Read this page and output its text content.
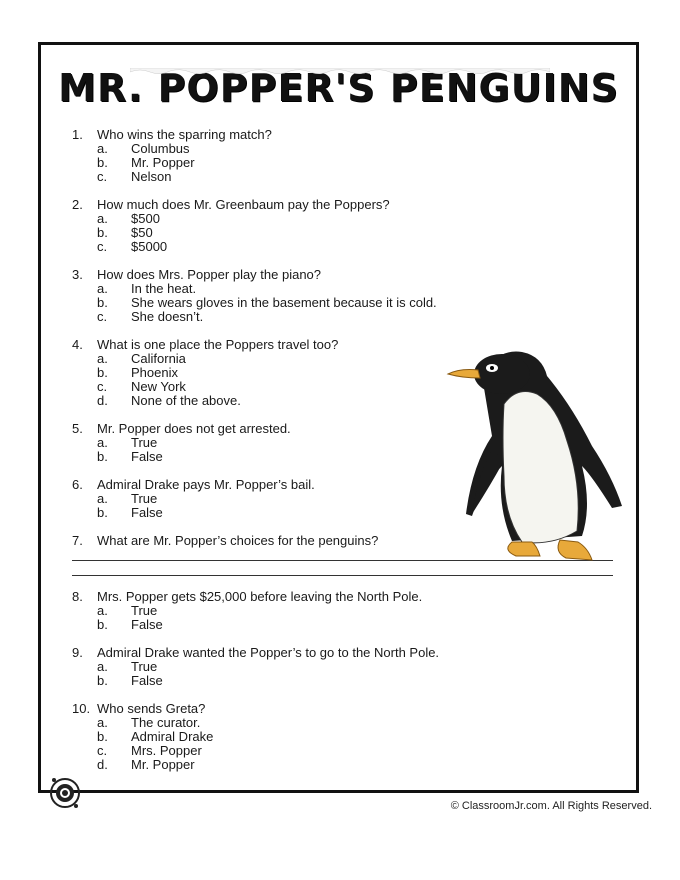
MR. POPPER'S PENGUINS
1.	Who wins the sparring match?
a. Columbus
b. Mr. Popper
c. Nelson
2.	How much does Mr. Greenbaum pay the Poppers?
a. $500
b. $50
c. $5000
3.	How does Mrs. Popper play the piano?
a. In the heat.
b. She wears gloves in the basement because it is cold.
c. She doesn’t.
4.	What is one place the Poppers travel too?
a. California
b. Phoenix
c. New York
d. None of the above.
5.	Mr. Popper does not get arrested.
a. True
b. False
6.	Admiral Drake pays Mr. Popper’s bail.
a. True
b. False
7.	What are Mr. Popper’s choices for the penguins?
8.	Mrs. Popper gets $25,000 before leaving the North Pole.
a. True
b. False
9.	Admiral Drake wanted the Popper’s to go to the North Pole.
a. True
b. False
10. Who sends Greta?
a. The curator.
b. Admiral Drake
c. Mrs. Popper
d. Mr. Popper
© ClassroomJr.com. All Rights Reserved.
